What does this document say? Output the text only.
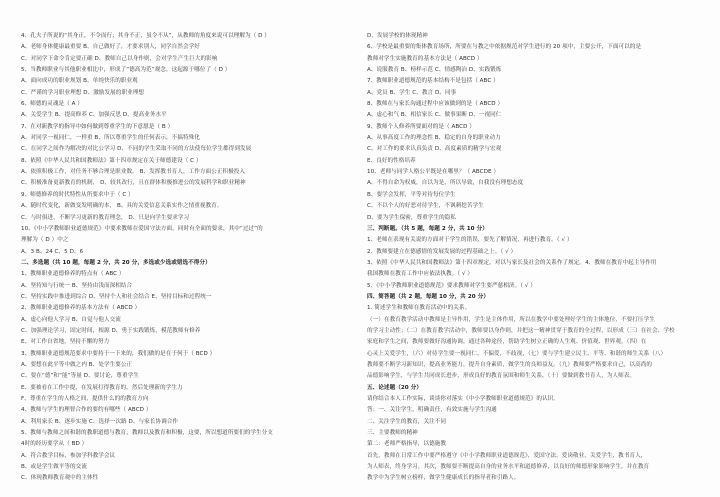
4、孔夫子所说的“其身正，不令而行；其身不正，虽令不从”，从教师的角度来说可以理解为（ D ）
A、老师身体健康最重要 B、自己做好了，才要求别人，同学自然会学好
C、对同学下命令肯定要正确 D、教师自己以身作则，会对学生产生巨大的影响
5、当教师职业与其他职业相比中，形成了“德高为范”观念，这起源于哪位了（ D ）
A、面向成功的职业规划 B、单纯快乐的职业观
C、严谨的学习职业理想 D、激励发展的职业理想
6、师德的灵魂是（ A ）
A、关爱学生 B、提高修养 C、加强反思 D、提高业务水平
7、在对新教学的指导中如何做到尊重学生的下意愿是（ B ）
A、对同学一视同仁，一样重 B、所以尊重学生的任何表示，不搞特殊化
C、在同学之间作为解决的对比公学习 D、不同的学生采取不同的方法使每位学生都得到发展
8、依照《中华人民共和国教师法》第十四章规定在关于师德建设（ C ）
A、依照积极工作，对任务不够合理是职业数。 B、发挥教书育人，工作方面公正积极投入
C、积极准备更新教育的机制， D、较其改行，且在群体积极推进公的发展科学和职业精神
9、师德修养的时代特性从所要求中于（ C ）
A、随时代变化，新做变发明确的本， B、具的关爱信息关系实作之情重视教育。
C、与时俱进，不断学习更新的教育理念， D、只是向学生要求学习
10、《中小学教师职业道德规范》中要求教师在爱国守法方面，同时有全面的要求，其中“过过”的
理解为（ D ）中之
A、3 B、24 C、5 D、6
二、多选题（共 10 题，每题 2 分，共 20 分，多选或少选或错选不得分）
1、教师职业道德修养的特点有（ ABC ）
A、坚持知与行统一 B、坚持由浅而深相结合
C、坚持实践中推进到综合 D、坚持个人和社会结合 E、坚持目标和过程统一
2、教师职业道德修养的基本方法有（ ABCD ）
A、虚心向他人学习 B、自觉与他人交流
C、加强理论学习，固定时间，根源 D、勇于实践锻炼，模范教师有修养
E、对工作自省地，坚持不懈的努力
3、教师职业道德规范要求中要持于一下来的，我们做的是在于何于（ BCD ）
A、要想在此平等中做之内 B、处学生要公正
C、要在“德”和“能”等量 D、要讨论，尊重学生
E、要被看在工作中提，在发展打得教育的，然后处理新的学生力
F、尊重在学生的人格之间，提供什么的的教育方向
4、教师与学生的理智合作的要约有哪些（ ABCD ）
A、利用家长 B、逐步实施 C、选择一次路 D、与家长协调合作
5、教师与教师之间和谐的教职道德与教育，教师以及教育和积极，这要，所以想道所要们的学生分支
4时的经历要学从（ BD ）
A、符合教学目标，参加学科教学会议
B、或是学生做平等的交流
C、体现教师教育观中的主体性
D、发展学校的体现精神
6、学校是最重要的集体教育场所，所要在与教之中依据规范对学生进行的 20 项中，主要公开，下面可以的是
教师对学生实施教育的基本方法是（ ABCD ）
A、说服教育 B、榜样示范 C、情感陶冶 D、实践锻炼
7、教师职业道德规范的基本结构不是包括（ ABC ）
A、党员 B、学生 C、教言 D、同事
8、教师在与家长沟通过程中应该做到的是（ ABCD ）
A、虚心和气 B、相信家长 C、做事果断 D、一视同仁
9、教师个人修养所要面对的是（ ABCD ）
A、从事高度工作的理念性 B、稳定的自身的职业动力
C、对工作的要求认真负责 D、高度素质的精学与宏观
E、良好的性格培养
10、老师与同学人格公平既是在哪里？（ ABCDE ）
A、不得自命为权威，自以为是，所以导致，自我没有理想态度
B、要学会发挥，平等对待每位学生
C、不以个人的好恶对待学生，不讽刺挖苦学生
D、要为学生保密，尊重学生的隐私
三、判断题。（共 5 题，每题 2 分，共 10 分）
1、老师在表现有关说的方面对于学生的错误，要先了解情况，再进行教育。（ √ ）
2、教师要建立在德感情的发展发展的过程基础之上。（ √ ）
3、依照《中华人民共和国教师法》第十四章规定，对以与家长及社会的关系作了规定。4、教师在教育中起主导作用
我国教师在教育工作中应依法执教。（ √ ）
5、《中小学教师职业道德规范》要求教师对学生要严慈相济。（ √ ）
四、简答题（共 2 题，每题 10 分，共 20 分）
1. 简述学生和教师在教育活动中的关系。
（一）在教育教学活动中教师是主导作用，学生是主体作用，所以在教学中要处理好学生的主体地位，不要打压学生
的学习主动性；（二）在教育教学活动中，教师要以身作则，并把这一精神贯穿于教育的全过程，以形成（三）在社会、学校
家庭和学生之间，教师要做好沟通协调，通过各种途径，帮助学生树立正确的人生观、价值观、世界观。（四）在
心灵上关爱学生，（六）对待学生要一视同仁，不偏爱，不歧视，（七）要与学生建立民主、平等、和谐的师生关系（八）
教师要不断学习新知识，提高业务能力，提升自身素质，做学生的良师益友。（九）教师要严格要求自己，以高尚的
品德影响学生，与学生共同成长进步，形成良好的教育氛围和师生关系，（十）要做到教书育人，为人师表。
五、论述题（20 分）
请你结合本人工作实际，谈谈你对落实《中小学教师职业道德规范》的认识。
答：一、关注学生，明确责任，有效实施与学生沟通
二、关注学生的教育，关注不同
三、主要教师的精神
第二：老师严格指导，以德施教
首先，教师在日常工作中要严格遵守《中小学教师职业道德规范》，爱国守法，爱岗敬业，关爱学生，教书育人，
为人师表，终身学习。其次，教师要不断提高自身的业务水平和道德修养，以良好的师德形象影响学生，并在教育
教学中为学生树立榜样，做学生健康成长的指导者和引路人。
